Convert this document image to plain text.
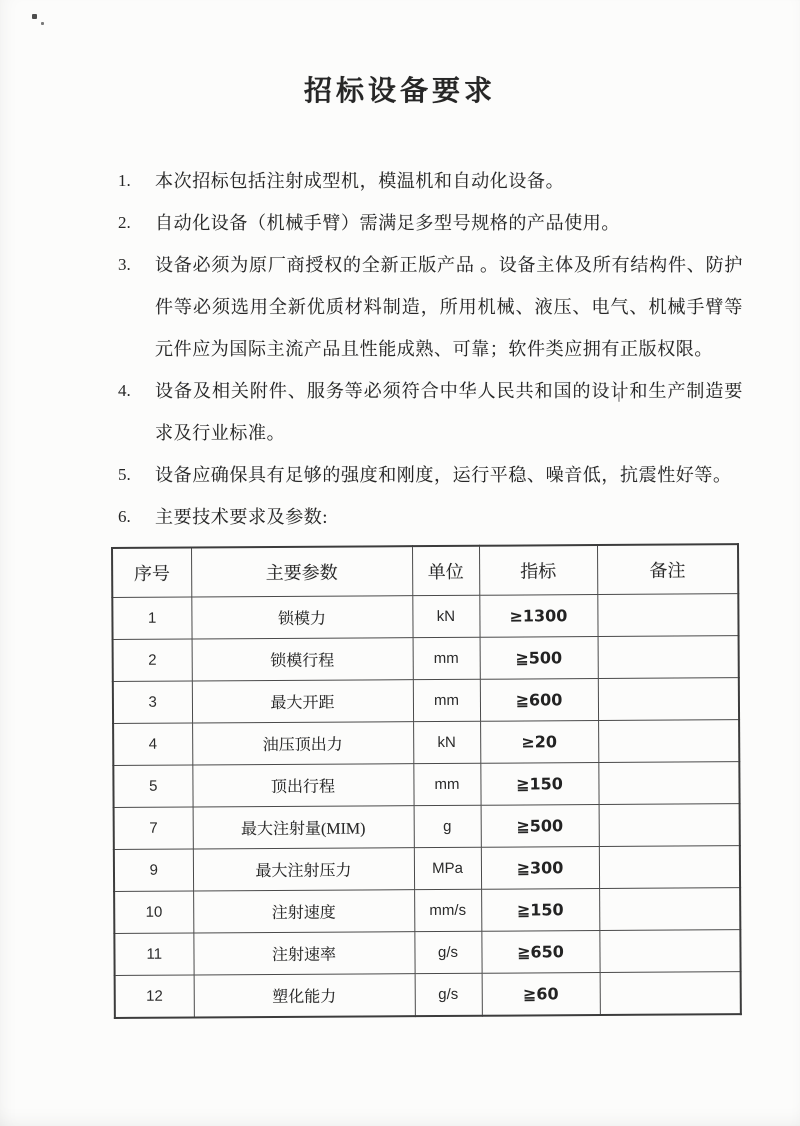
招标设备要求
1.	本次招标包括注射成型机，模温机和自动化设备。
2.	自动化设备（机械手臂）需满足多型号规格的产品使用。
3.	设备必须为原厂商授权的全新正版产品 。设备主体及所有结构件、防护件等必须选用全新优质材料制造，所用机械、液压、电气、机械手臂等元件应为国际主流产品且性能成熟、可靠；软件类应拥有正版权限。
4.	设备及相关附件、服务等必须符合中华人民共和国的设计和生产制造要求及行业标准。
5.	设备应确保具有足够的强度和刚度，运行平稳、噪音低，抗震性好等。
6.	主要技术要求及参数:
序号	主要参数	单位	指标	备注
1	锁模力	kN	≥1300	
2	锁模行程	mm	≧500	
3	最大开距	mm	≧600	
4	油压顶出力	kN	≥20	
5	顶出行程	mm	≧150	
7	最大注射量(MIM)	g	≧500	
9	最大注射压力	MPa	≧300	
10	注射速度	mm/s	≧150	
11	注射速率	g/s	≧650	
12	塑化能力	g/s	≧60	
